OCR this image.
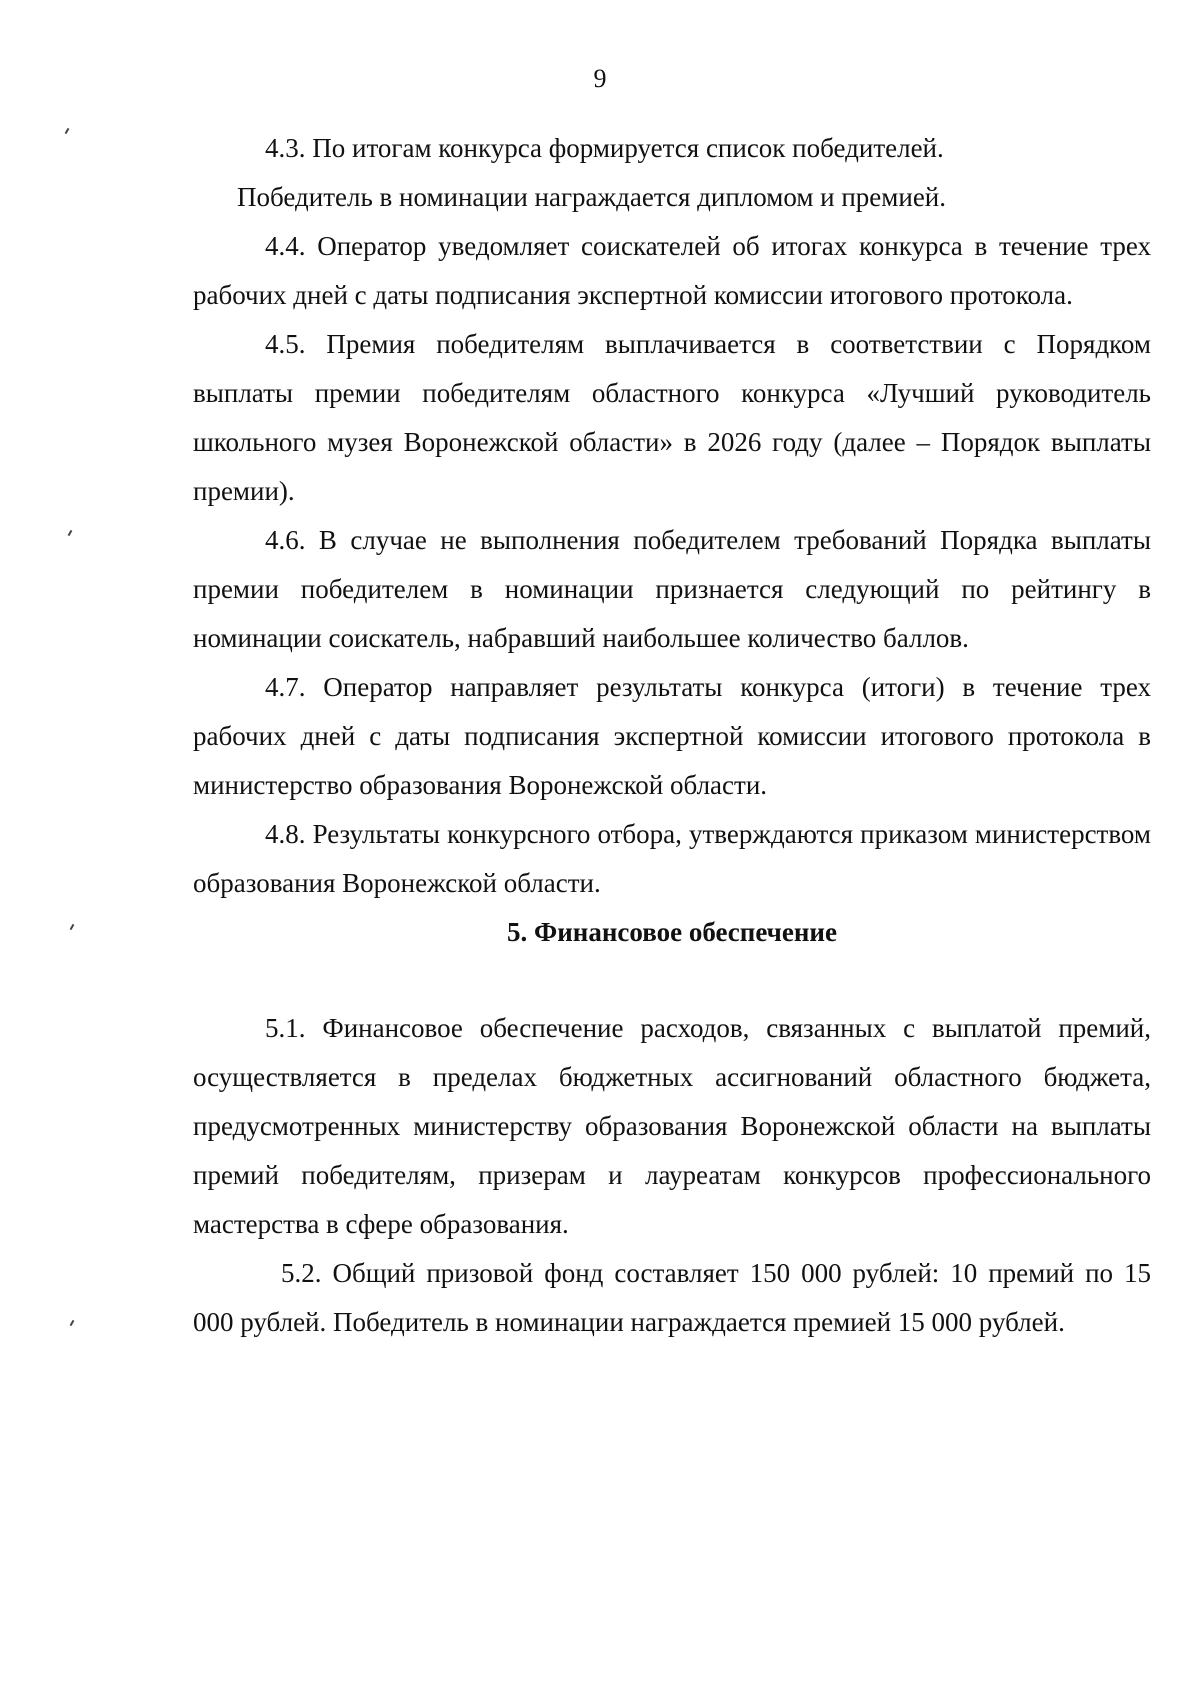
9

4.3. По итогам конкурса формируется список победителей.

Победитель в номинации награждается дипломом и премией.

4.4. Оператор уведомляет соискателей об итогах конкурса в течение трех рабочих дней с даты подписания экспертной комиссии итогового протокола.

4.5. Премия победителям выплачивается в соответствии с Порядком выплаты премии победителям областного конкурса «Лучший руководитель школьного музея Воронежской области» в 2026 году (далее – Порядок выплаты премии).

4.6. В случае не выполнения победителем требований Порядка выплаты премии победителем в номинации признается следующий по рейтингу в номинации соискатель, набравший наибольшее количество баллов.

4.7. Оператор направляет результаты конкурса (итоги) в течение трех рабочих дней с даты подписания экспертной комиссии итогового протокола в министерство образования Воронежской области.

4.8. Результаты конкурсного отбора, утверждаются приказом министерством образования Воронежской области.

5. Финансовое обеспечение

5.1. Финансовое обеспечение расходов, связанных с выплатой премий, осуществляется в пределах бюджетных ассигнований областного бюджета, предусмотренных министерству образования Воронежской области на выплаты премий победителям, призерам и лауреатам конкурсов профессионального мастерства в сфере образования.

5.2. Общий призовой фонд составляет 150 000 рублей: 10 премий по 15 000 рублей. Победитель в номинации награждается премией 15 000 рублей.
